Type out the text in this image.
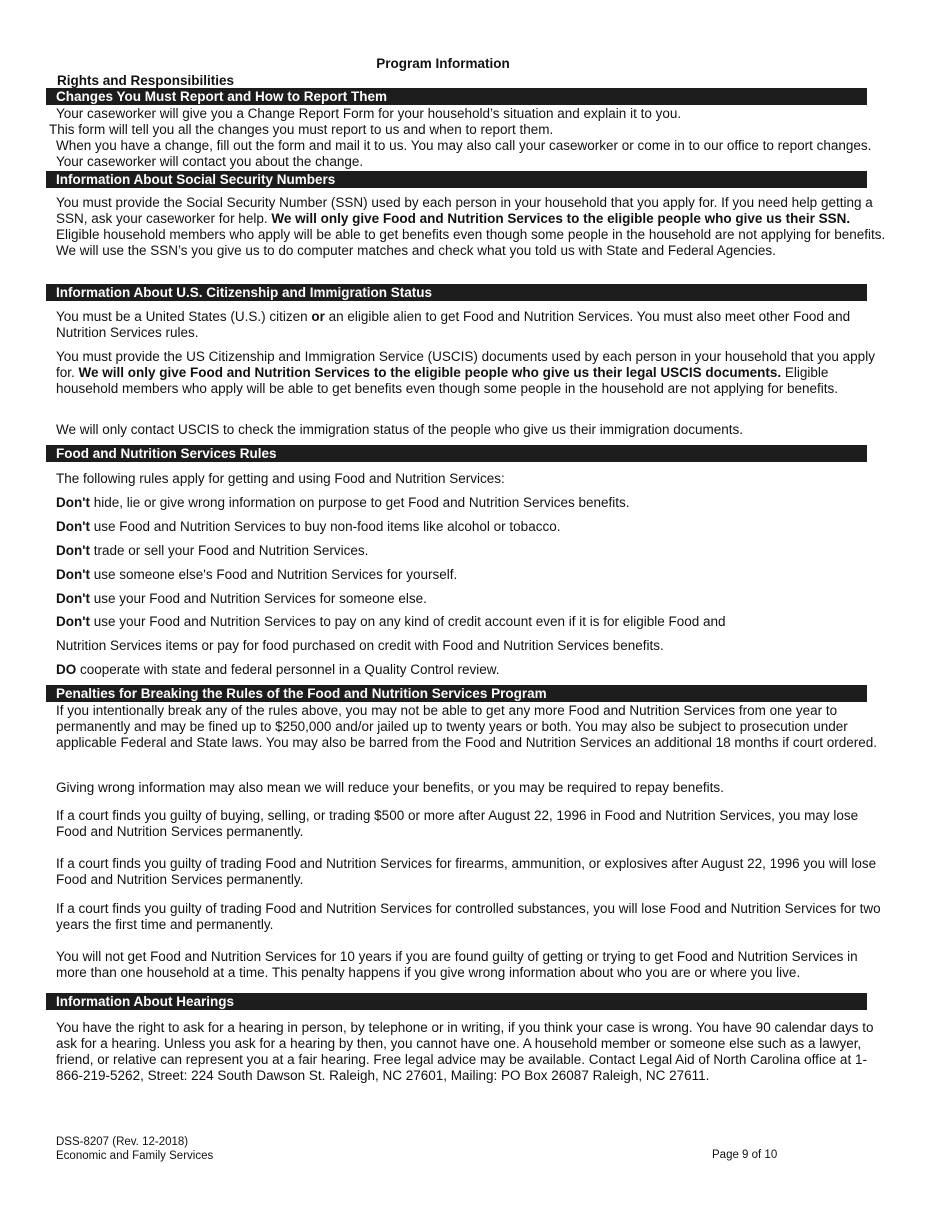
Program Information
Rights and Responsibilities
Changes You Must Report and How to Report Them
Your caseworker will give you a Change Report Form for your household’s situation and explain it to you.
This form will tell you all the changes you must report to us and when to report them.
When you have a change, fill out the form and mail it to us. You may also call your caseworker or come in to our office to report changes. Your caseworker will contact you about the change.
Information About Social Security Numbers
You must provide the Social Security Number (SSN) used by each person in your household that you apply for. If you need help getting a SSN, ask your caseworker for help. We will only give Food and Nutrition Services to the eligible people who give us their SSN. Eligible household members who apply will be able to get benefits even though some people in the household are not applying for benefits. We will use the SSN’s you give us to do computer matches and check what you told us with State and Federal Agencies.
Information About U.S. Citizenship and Immigration Status
You must be a United States (U.S.) citizen or an eligible alien to get Food and Nutrition Services. You must also meet other Food and Nutrition Services rules.
You must provide the US Citizenship and Immigration Service (USCIS) documents used by each person in your household that you apply for. We will only give Food and Nutrition Services to the eligible people who give us their legal USCIS documents. Eligible household members who apply will be able to get benefits even though some people in the household are not applying for benefits.
We will only contact USCIS to check the immigration status of the people who give us their immigration documents.
Food and Nutrition Services Rules
The following rules apply for getting and using Food and Nutrition Services:
Don't hide, lie or give wrong information on purpose to get Food and Nutrition Services benefits.
Don't use Food and Nutrition Services to buy non-food items like alcohol or tobacco.
Don't trade or sell your Food and Nutrition Services.
Don't use someone else's Food and Nutrition Services for yourself.
Don't use your Food and Nutrition Services for someone else.
Don't use your Food and Nutrition Services to pay on any kind of credit account even if it is for eligible Food and
Nutrition Services items or pay for food purchased on credit with Food and Nutrition Services benefits.
DO cooperate with state and federal personnel in a Quality Control review.
Penalties for Breaking the Rules of the Food and Nutrition Services Program
If you intentionally break any of the rules above, you may not be able to get any more Food and Nutrition Services from one year to permanently and may be fined up to $250,000 and/or jailed up to twenty years or both. You may also be subject to prosecution under applicable Federal and State laws. You may also be barred from the Food and Nutrition Services an additional 18 months if court ordered.
Giving wrong information may also mean we will reduce your benefits, or you may be required to repay benefits.
If a court finds you guilty of buying, selling, or trading $500 or more after August 22, 1996 in Food and Nutrition Services, you may lose Food and Nutrition Services permanently.
If a court finds you guilty of trading Food and Nutrition Services for firearms, ammunition, or explosives after August 22, 1996 you will lose Food and Nutrition Services permanently.
If a court finds you guilty of trading Food and Nutrition Services for controlled substances, you will lose Food and Nutrition Services for two years the first time and permanently.
You will not get Food and Nutrition Services for 10 years if you are found guilty of getting or trying to get Food and Nutrition Services in more than one household at a time. This penalty happens if you give wrong information about who you are or where you live.
Information About Hearings
You have the right to ask for a hearing in person, by telephone or in writing, if you think your case is wrong. You have 90 calendar days to ask for a hearing. Unless you ask for a hearing by then, you cannot have one. A household member or someone else such as a lawyer, friend, or relative can represent you at a fair hearing. Free legal advice may be available. Contact Legal Aid of North Carolina office at 1-866-219-5262, Street: 224 South Dawson St. Raleigh, NC 27601, Mailing: PO Box 26087 Raleigh, NC 27611.
DSS-8207 (Rev. 12-2018)
Economic and Family Services	Page 9 of 10
